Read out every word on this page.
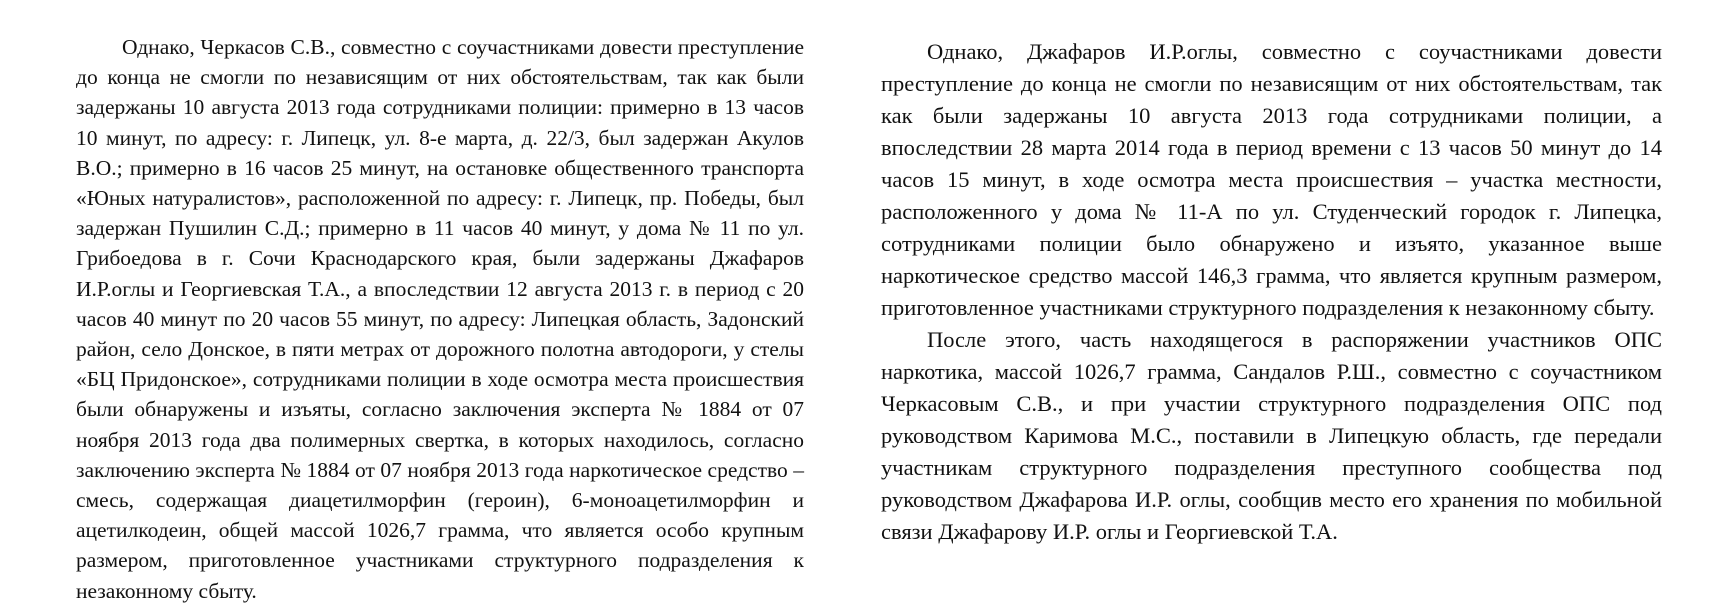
Однако, Черкасов С.В., совместно с соучастниками довести преступление до конца не смогли по независящим от них обстоятельствам, так как были задержаны 10 августа 2013 года сотрудниками полиции: примерно в 13 часов 10 минут, по адресу: г. Липецк, ул. 8-е марта, д. 22/3, был задержан Акулов В.О.; примерно в 16 часов 25 минут, на остановке общественного транспорта «Юных натуралистов», расположенной по адресу: г. Липецк, пр. Победы, был задержан Пушилин С.Д.; примерно в 11 часов 40 минут, у дома № 11 по ул. Грибоедова в г. Сочи Краснодарского края, были задержаны Джафаров И.Р.оглы и Георгиевская Т.А., а впоследствии 12 августа 2013 г. в период с 20 часов 40 минут по 20 часов 55 минут, по адресу: Липецкая область, Задонский район, село Донское, в пяти метрах от дорожного полотна автодороги, у стелы «БЦ Придонское», сотрудниками полиции в ходе осмотра места происшествия были обнаружены и изъяты, согласно заключения эксперта № 1884 от 07 ноября 2013 года два полимерных свертка, в которых находилось, согласно заключению эксперта № 1884 от 07 ноября 2013 года наркотическое средство – смесь, содержащая диацетилморфин (героин), 6-моноацетилморфин и ацетилкодеин, общей массой 1026,7 грамма, что является особо крупным размером, приготовленное участниками структурного подразделения к незаконному сбыту.

Однако, Джафаров И.Р.оглы, совместно с соучастниками довести преступление до конца не смогли по независящим от них обстоятельствам, так как были задержаны 10 августа 2013 года сотрудниками полиции, а впоследствии 28 марта 2014 года в период времени с 13 часов 50 минут до 14 часов 15 минут, в ходе осмотра места происшествия – участка местности, расположенного у дома № 11-А по ул. Студенческий городок г. Липецка, сотрудниками полиции было обнаружено и изъято, указанное выше наркотическое средство массой 146,3 грамма, что является крупным размером, приготовленное участниками структурного подразделения к незаконному сбыту.

После этого, часть находящегося в распоряжении участников ОПС наркотика, массой 1026,7 грамма, Сандалов Р.Ш., совместно с соучастником Черкасовым С.В., и при участии структурного подразделения ОПС под руководством Каримова М.С., поставили в Липецкую область, где передали участникам структурного подразделения преступного сообщества под руководством Джафарова И.Р. оглы, сообщив место его хранения по мобильной связи Джафарову И.Р. оглы и Георгиевской Т.А.
